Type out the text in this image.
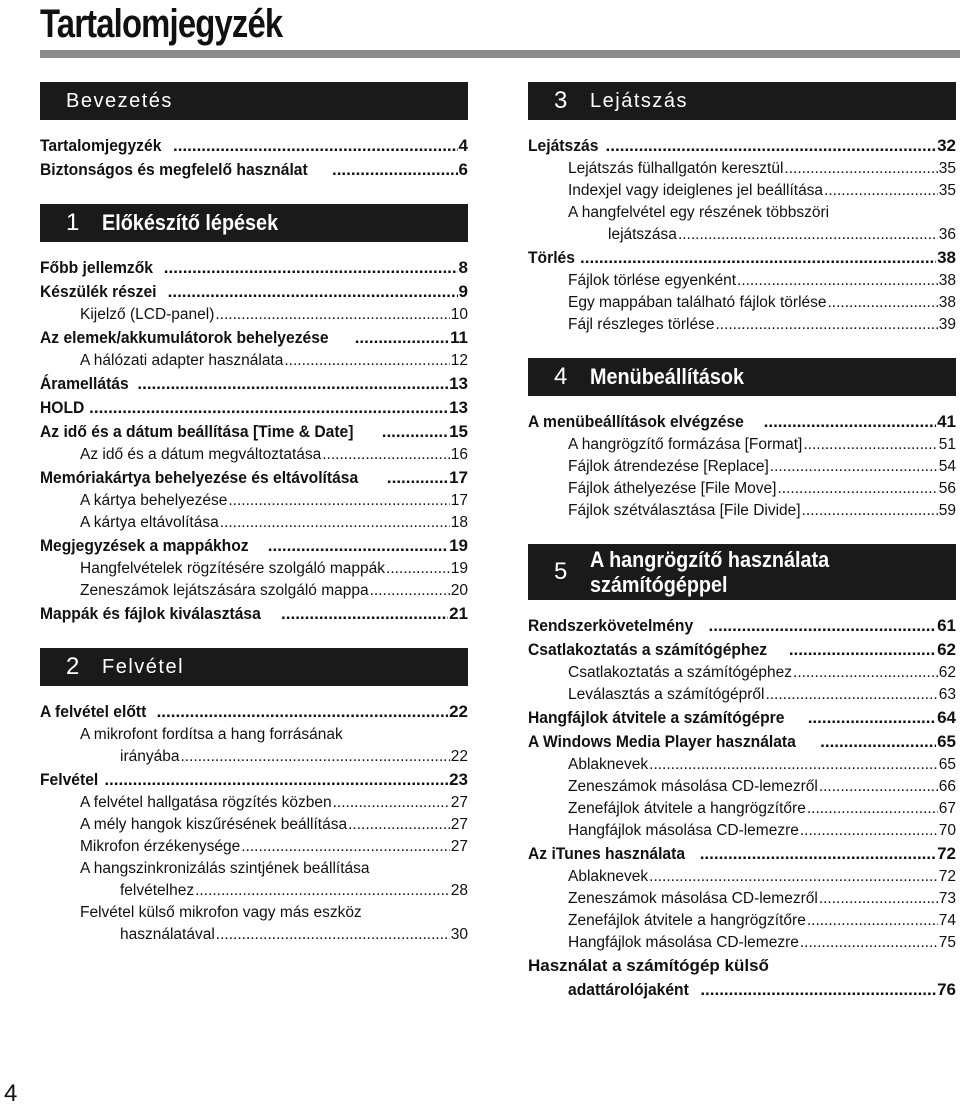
Tartalomjegyzék
Bevezetés
Tartalomjegyzék .....	4
Biztonságos és megfelelő használat .....	6
1	Előkészítő lépések
Főbb jellemzők .....	8
Készülék részei .....	9
Kijelző (LCD-panel) .....	10
Az elemek/akkumulátorok behelyezése .....	11
A hálózati adapter használata .....	12
Áramellátás .....	13
HOLD .....	13
Az idő és a dátum beállítása [Time & Date] .....	15
Az idő és a dátum megváltoztatása .....	16
Memóriakártya behelyezése és eltávolítása .....	17
A kártya behelyezése .....	17
A kártya eltávolítása .....	18
Megjegyzések a mappákhoz .....	19
Hangfelvételek rögzítésére szolgáló mappák .....	19
Zeneszámok lejátszására szolgáló mappa .....	20
Mappák és fájlok kiválasztása .....	21
2	Felvétel
A felvétel előtt .....	22
A mikrofont fordítsa a hang forrásának
irányába .....	22
Felvétel .....	23
A felvétel hallgatása rögzítés közben .....	27
A mély hangok kiszűrésének beállítása .....	27
Mikrofon érzékenysége .....	27
A hangszinkronizálás szintjének beállítása
felvételhez .....	28
Felvétel külső mikrofon vagy más eszköz
használatával .....	30
3	Lejátszás
Lejátszás .....	32
Lejátszás fülhallgatón keresztül .....	35
Indexjel vagy ideiglenes jel beállítása .....	35
A hangfelvétel egy részének többszöri
lejátszása .....	36
Törlés .....	38
Fájlok törlése egyenként .....	38
Egy mappában található fájlok törlése .....	38
Fájl részleges törlése .....	39
4	Menübeállítások
A menübeállítások elvégzése .....	41
A hangrögzítő formázása [Format] .....	51
Fájlok átrendezése [Replace] .....	54
Fájlok áthelyezése [File Move] .....	56
Fájlok szétválasztása [File Divide] .....	59
5	A hangrögzítő használata
számítógéppel
Rendszerkövetelmény .....	61
Csatlakoztatás a számítógéphez .....	62
Csatlakoztatás a számítógéphez .....	62
Leválasztás a számítógépről .....	63
Hangfájlok átvitele a számítógépre .....	64
A Windows Media Player használata .....	65
Ablaknevek .....	65
Zeneszámok másolása CD-lemezről .....	66
Zenefájlok átvitele a hangrögzítőre .....	67
Hangfájlok másolása CD-lemezre .....	70
Az iTunes használata .....	72
Ablaknevek .....	72
Zeneszámok másolása CD-lemezről .....	73
Zenefájlok átvitele a hangrögzítőre .....	74
Hangfájlok másolása CD-lemezre .....	75
Használat a számítógép külső
adattárolójaként .....	76
4
